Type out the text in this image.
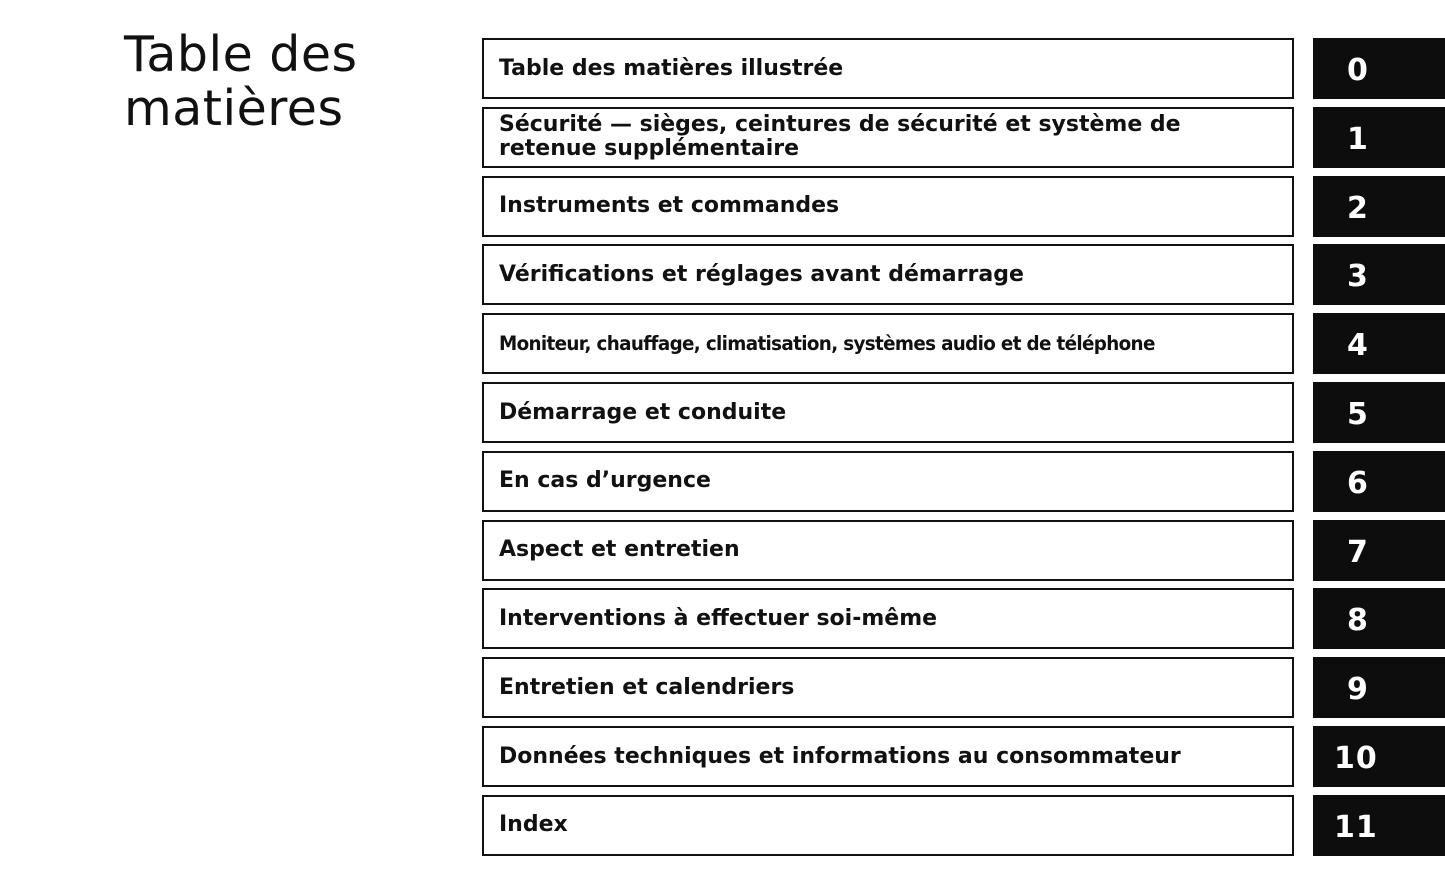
Table des
matières
Table des matières illustrée	0
Sécurité — sièges, ceintures de sécurité et système de retenue supplémentaire	1
Instruments et commandes	2
Vérifications et réglages avant démarrage	3
Moniteur, chauffage, climatisation, systèmes audio et de téléphone	4
Démarrage et conduite	5
En cas d’urgence	6
Aspect et entretien	7
Interventions à effectuer soi-même	8
Entretien et calendriers	9
Données techniques et informations au consommateur	10
Index	11
